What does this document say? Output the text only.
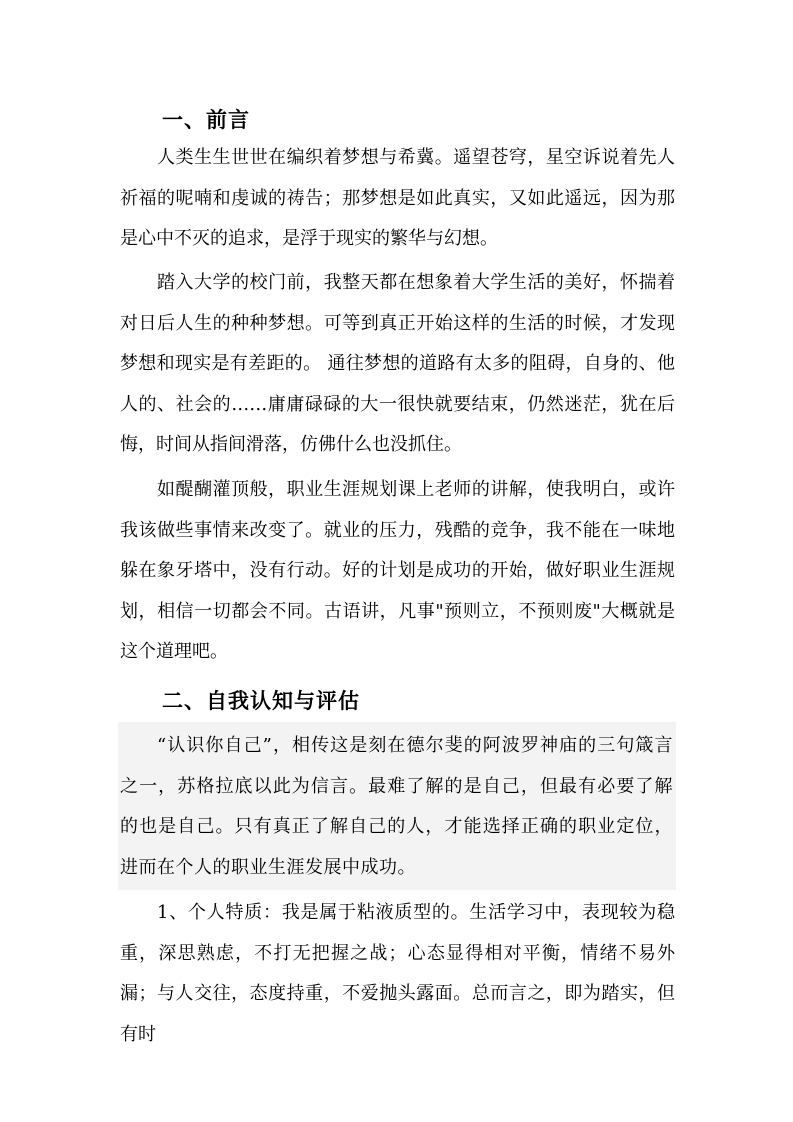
一、前言

人类生生世世在编织着梦想与希冀。遥望苍穹，星空诉说着先人祈福的呢喃和虔诚的祷告；那梦想是如此真实，又如此遥远，因为那是心中不灭的追求，是浮于现实的繁华与幻想。

踏入大学的校门前，我整天都在想象着大学生活的美好，怀揣着对日后人生的种种梦想。可等到真正开始这样的生活的时候，才发现梦想和现实是有差距的。 通往梦想的道路有太多的阻碍，自身的、他人的、社会的……庸庸碌碌的大一很快就要结束，仍然迷茫，犹在后悔，时间从指间滑落，仿佛什么也没抓住。

如醍醐灌顶般，职业生涯规划课上老师的讲解，使我明白，或许我该做些事情来改变了。就业的压力，残酷的竞争，我不能在一味地躲在象牙塔中，没有行动。好的计划是成功的开始，做好职业生涯规划，相信一切都会不同。古语讲，凡事"预则立，不预则废"大概就是这个道理吧。

二、自我认知与评估

“认识你自己”，相传这是刻在德尔斐的阿波罗神庙的三句箴言之一，苏格拉底以此为信言。最难了解的是自己，但最有必要了解的也是自己。只有真正了解自己的人，才能选择正确的职业定位，进而在个人的职业生涯发展中成功。

1、个人特质：我是属于粘液质型的。生活学习中，表现较为稳重，深思熟虑，不打无把握之战；心态显得相对平衡，情绪不易外漏；与人交往，态度持重，不爱抛头露面。总而言之，即为踏实，但有时
